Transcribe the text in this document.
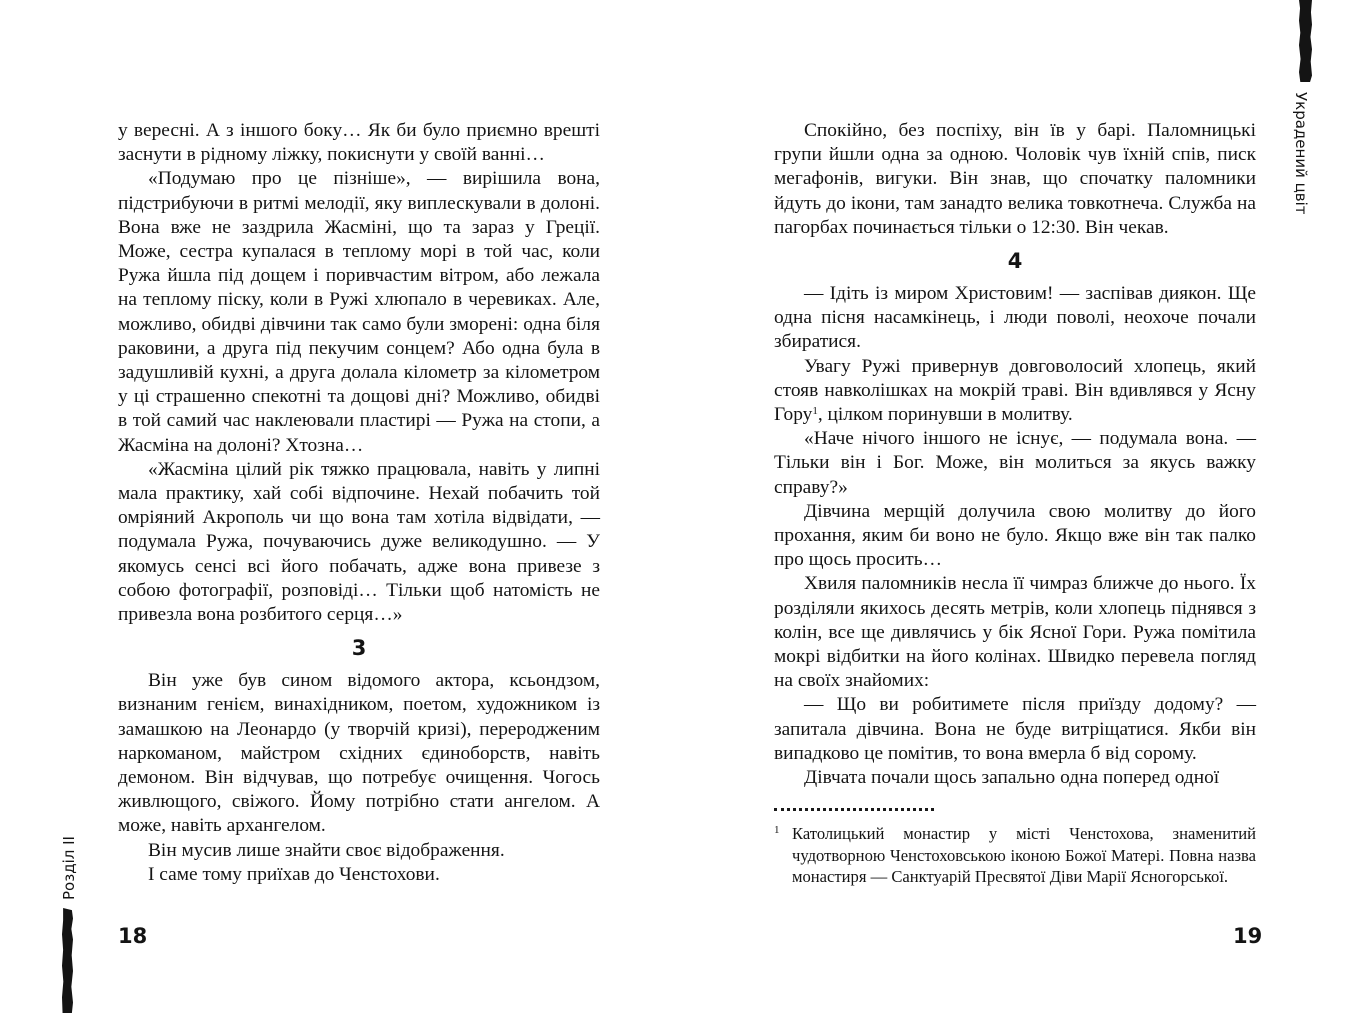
Розділ II

у вересні. А з іншого боку… Як би було приємно врешті заснути в рідному ліжку, покиснути у своїй ванні…

«Подумаю про це пізніше», — вирішила вона, підстрибуючи в ритмі мелодії, яку виплескували в долоні. Вона вже не заздрила Жасміні, що та зараз у Греції. Може, сестра купалася в теплому морі в той час, коли Ружа йшла під дощем і поривчастим вітром, або лежала на теплому піску, коли в Ружі хлюпало в черевиках. Але, можливо, обидві дівчини так само були зморені: одна біля раковини, а друга під пекучим сонцем? Або одна була в задушливій кухні, а друга долала кілометр за кілометром у ці страшенно спекотні та дощові дні? Можливо, обидві в той самий час наклеювали пластирі — Ружа на стопи, а Жасміна на долоні? Хтозна…

«Жасміна цілий рік тяжко працювала, навіть у липні мала практику, хай собі відпочине. Нехай побачить той омріяний Акрополь чи що вона там хотіла відвідати, — подумала Ружа, почуваючись дуже великодушно. — У якомусь сенсі всі його побачать, адже вона привезе з собою фотографії, розповіді… Тільки щоб натомість не привезла вона розбитого серця…»

3

Він уже був сином відомого актора, ксьондзом, визнаним генієм, винахідником, поетом, художником із замашкою на Леонардо (у творчій кризі), переродженим наркоманом, майстром східних єдиноборств, навіть демоном. Він відчував, що потребує очищення. Чогось живлющого, свіжого. Йому потрібно стати ангелом. А може, навіть архангелом.

Він мусив лише знайти своє відображення.

І саме тому приїхав до Ченстохови.

18

Спокійно, без поспіху, він їв у барі. Паломницькі групи йшли одна за одною. Чоловік чув їхній спів, писк мегафонів, вигуки. Він знав, що спочатку паломники йдуть до ікони, там занадто велика товкотнеча. Служба на пагорбах починається тільки о 12:30. Він чекав.

4

— Ідіть із миром Христовим! — заспівав диякон. Ще одна пісня насамкінець, і люди поволі, неохоче почали збиратися.

Увагу Ружі привернув довговолосий хлопець, який стояв навколішках на мокрій траві. Він вдивлявся у Ясну Гору$^1$, цілком поринувши в молитву.

«Наче нічого іншого не існує, — подумала вона. — Тільки він і Бог. Може, він молиться за якусь важку справу?»

Дівчина мерщій долучила свою молитву до його прохання, яким би воно не було. Якщо вже він так палко про щось просить…

Хвиля паломників несла її чимраз ближче до нього. Їх розділяли якихось десять метрів, коли хлопець піднявся з колін, все ще дивлячись у бік Ясної Гори. Ружа помітила мокрі відбитки на його колінах. Швидко перевела погляд на своїх знайомих:

— Що ви робитимете після приїзду додому? — запитала дівчина. Вона не буде витріщатися. Якби він випадково це помітив, то вона вмерла б від сорому.

Дівчата почали щось запально одна поперед одної

1 Католицький монастир у місті Ченстохова, знаменитий чудотворною Ченстоховською іконою Божої Матері. Повна назва монастиря — Санктуарій Пресвятої Діви Марії Ясногорської.
19
Украдений цвіт
